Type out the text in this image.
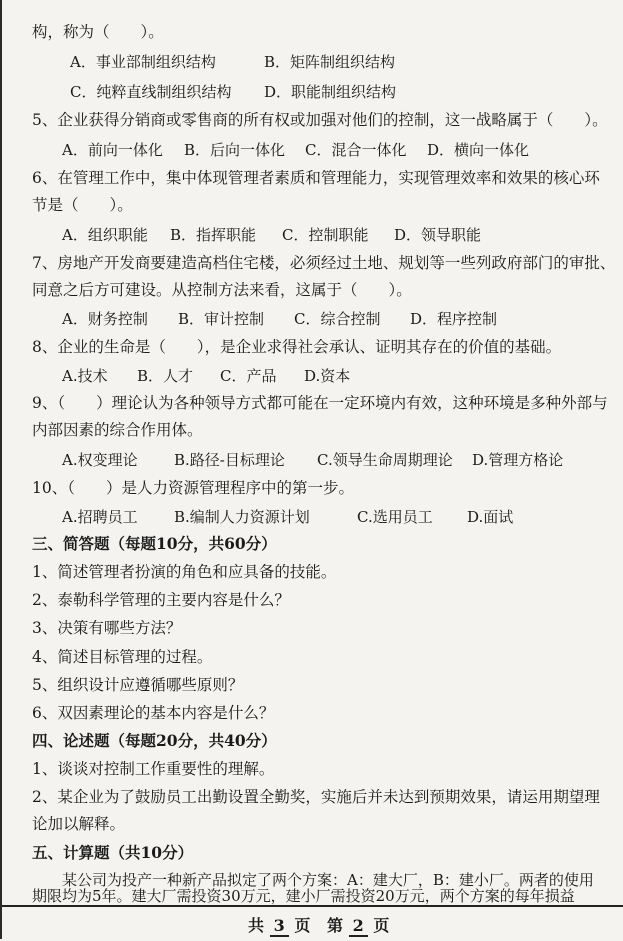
构，称为（　　）。
A．事业部制组织结构	B．矩阵制组织结构
C．纯粹直线制组织结构 D．职能制组织结构
5、企业获得分销商或零售商的所有权或加强对他们的控制，这一战略属于（　　）。
A．前向一体化 B．后向一体化 C．混合一体化 D．横向一体化
6、在管理工作中，集中体现管理者素质和管理能力，实现管理效率和效果的核心环
节是（　　）。
A．组织职能 B．指挥职能 C．控制职能 D．领导职能
7、房地产开发商要建造高档住宅楼，必须经过土地、规划等一些列政府部门的审批、
同意之后方可建设。从控制方法来看，这属于（　　）。
A．财务控制 B．审计控制 C．综合控制 D．程序控制
8、企业的生命是（　　），是企业求得社会承认、证明其存在的价值的基础。
A.技术 B．人才 C．产品 D.资本
9、（　　）理论认为各种领导方式都可能在一定环境内有效，这种环境是多种外部与
内部因素的综合作用体。
A.权变理论 B.路径-目标理论 C.领导生命周期理论 D.管理方格论
10、（　　）是人力资源管理程序中的第一步。
A.招聘员工 B.编制人力资源计划	C.选用员工 D.面试
三、简答题（每题10分，共60分）
1、简述管理者扮演的角色和应具备的技能。
2、泰勒科学管理的主要内容是什么？
3、决策有哪些方法？
4、简述目标管理的过程。
5、组织设计应遵循哪些原则？
6、双因素理论的基本内容是什么？
四、论述题（每题20分，共40分）
1、谈谈对控制工作重要性的理解。
2、某企业为了鼓励员工出勤设置全勤奖，实施后并未达到预期效果，请运用期望理
论加以解释。
五、计算题（共10分）
某公司为投产一种新产品拟定了两个方案：A：建大厂，B：建小厂。两者的使用
期限均为5年。建大厂需投资30万元，建小厂需投资20万元，两个方案的每年损益
共 3 页 第 2 页
